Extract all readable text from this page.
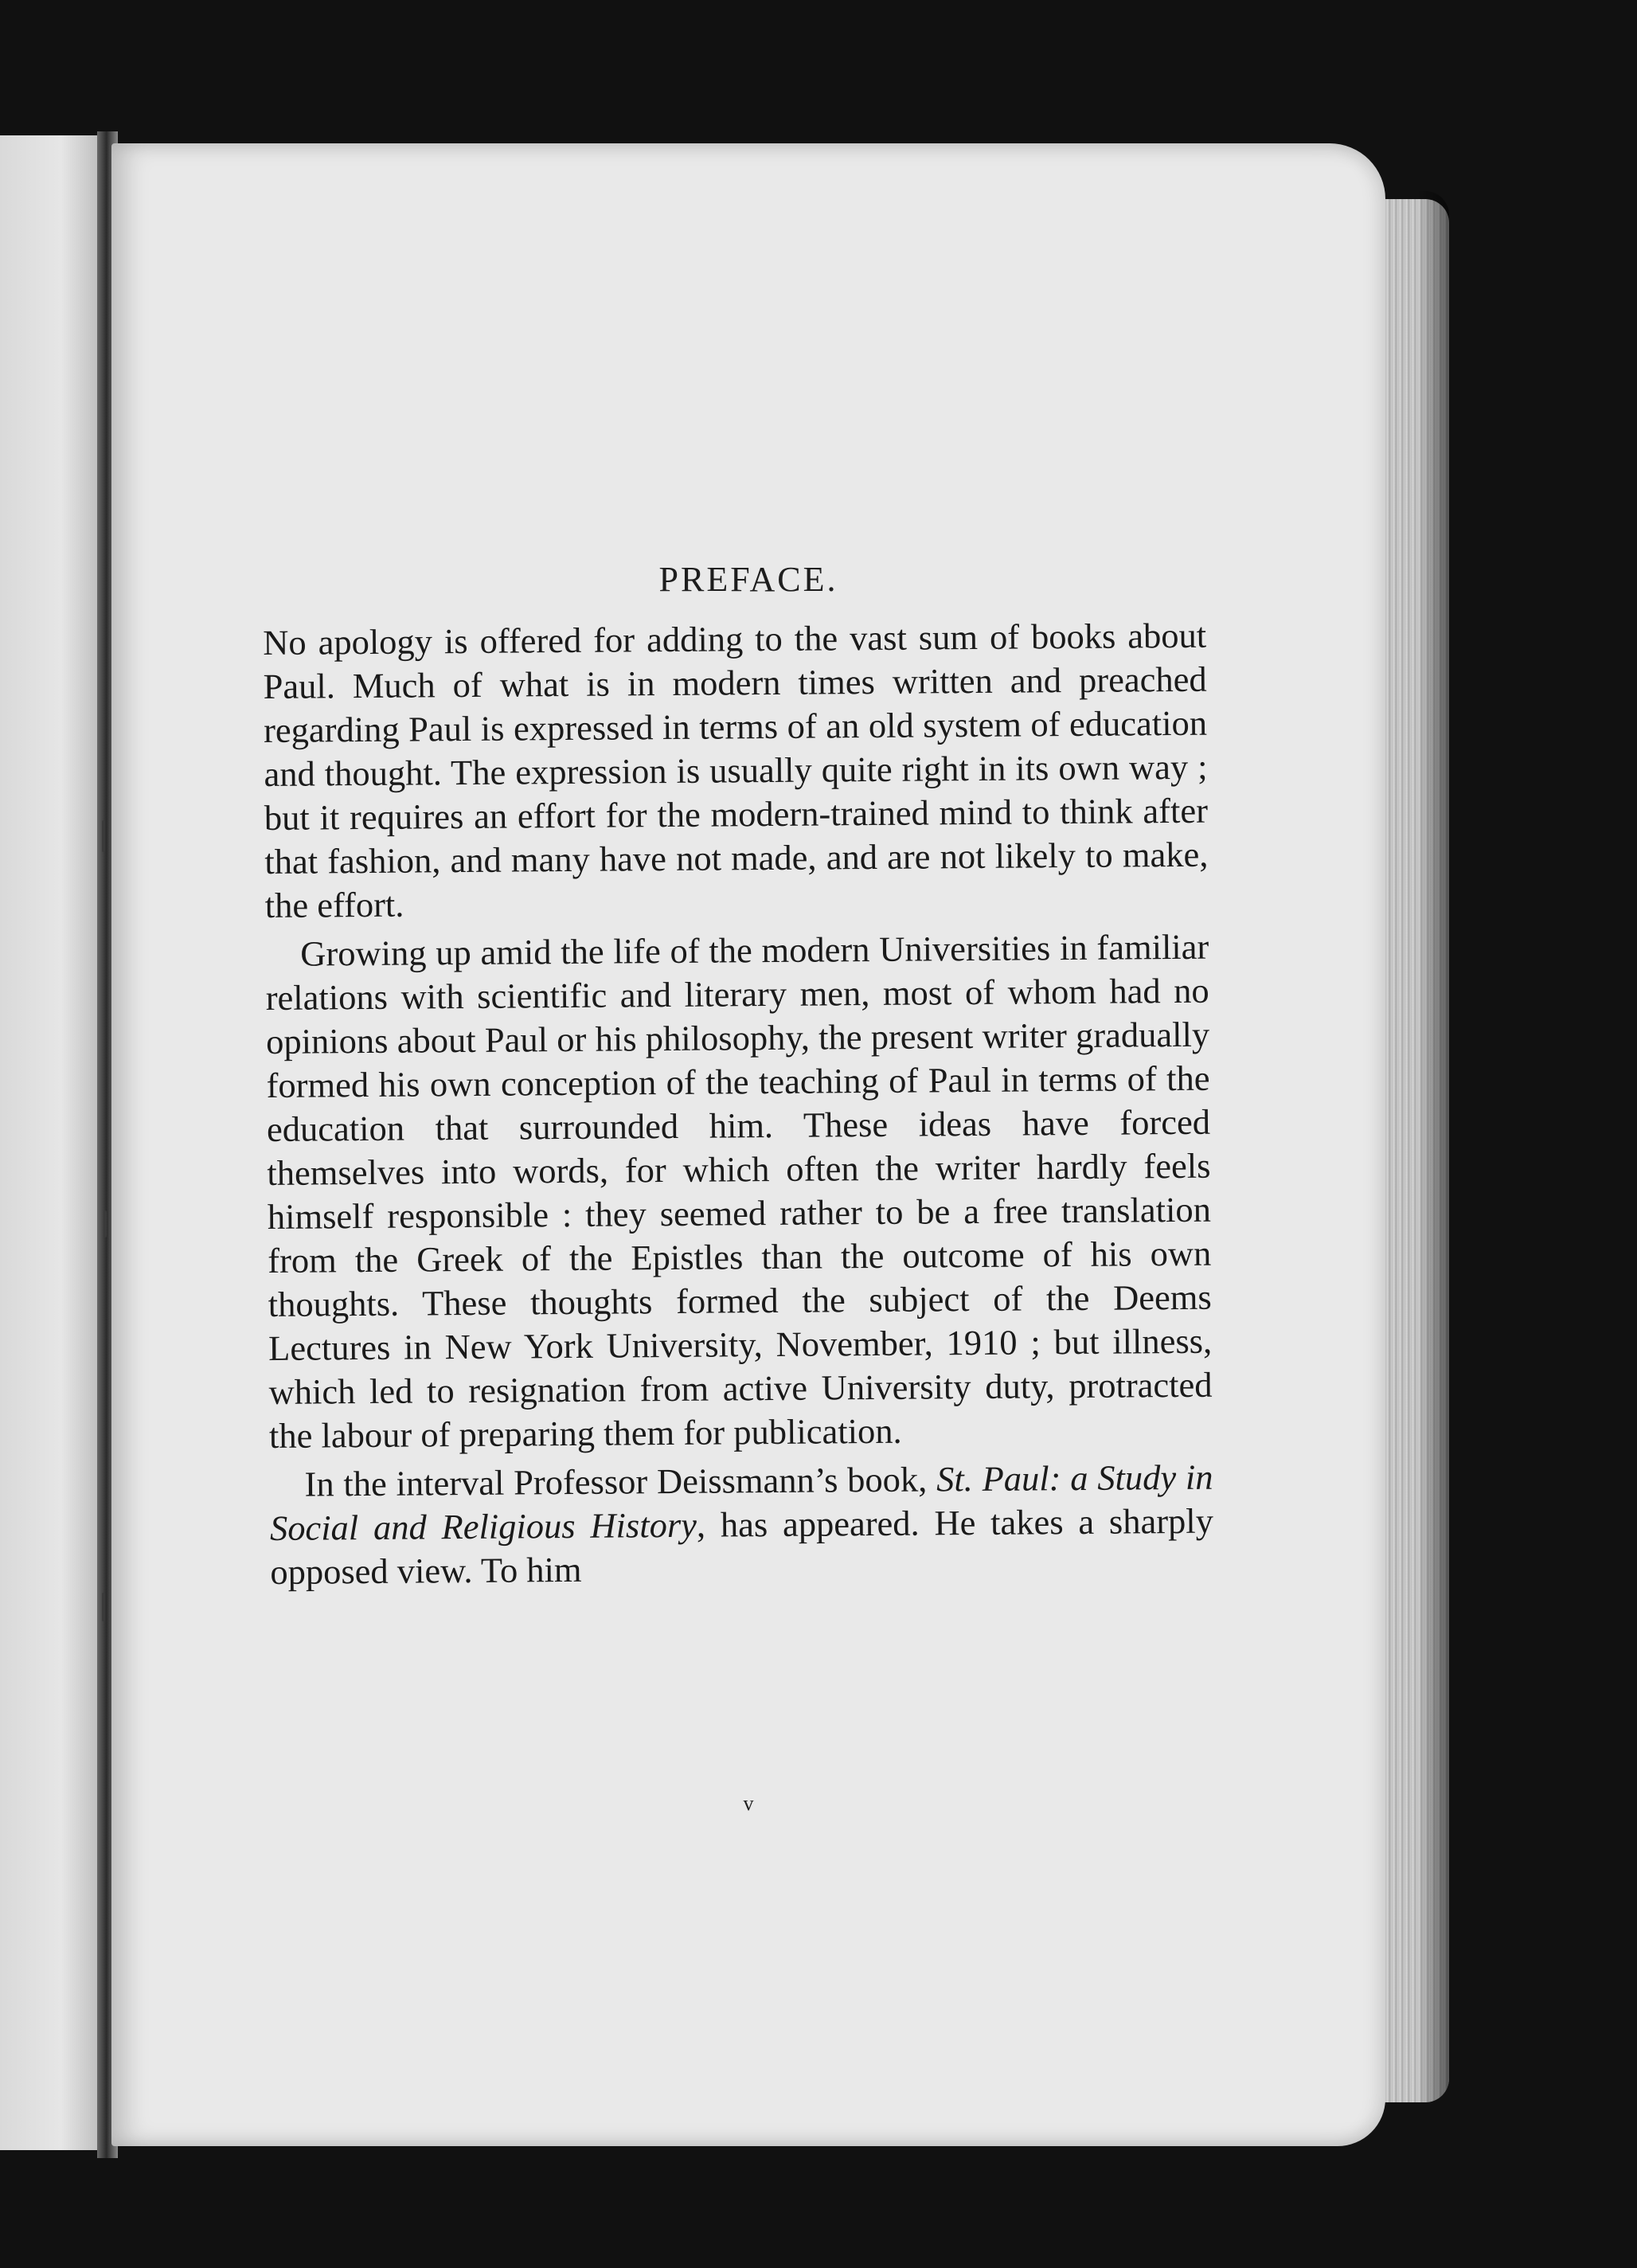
PREFACE.

No apology is offered for adding to the vast sum of books about Paul. Much of what is in modern times written and preached regarding Paul is expressed in terms of an old system of education and thought. The expression is usually quite right in its own way ; but it requires an effort for the modern-trained mind to think after that fashion, and many have not made, and are not likely to make, the effort.

Growing up amid the life of the modern Universities in familiar relations with scientific and literary men, most of whom had no opinions about Paul or his philosophy, the present writer gradually formed his own conception of the teaching of Paul in terms of the education that surrounded him. These ideas have forced themselves into words, for which often the writer hardly feels himself responsible : they seemed rather to be a free translation from the Greek of the Epistles than the outcome of his own thoughts. These thoughts formed the subject of the Deems Lectures in New York University, November, 1910 ; but illness, which led to resignation from active University duty, protracted the labour of preparing them for publication.

In the interval Professor Deissmann’s book, St. Paul: a Study in Social and Religious History, has appeared. He takes a sharply opposed view. To him

v
